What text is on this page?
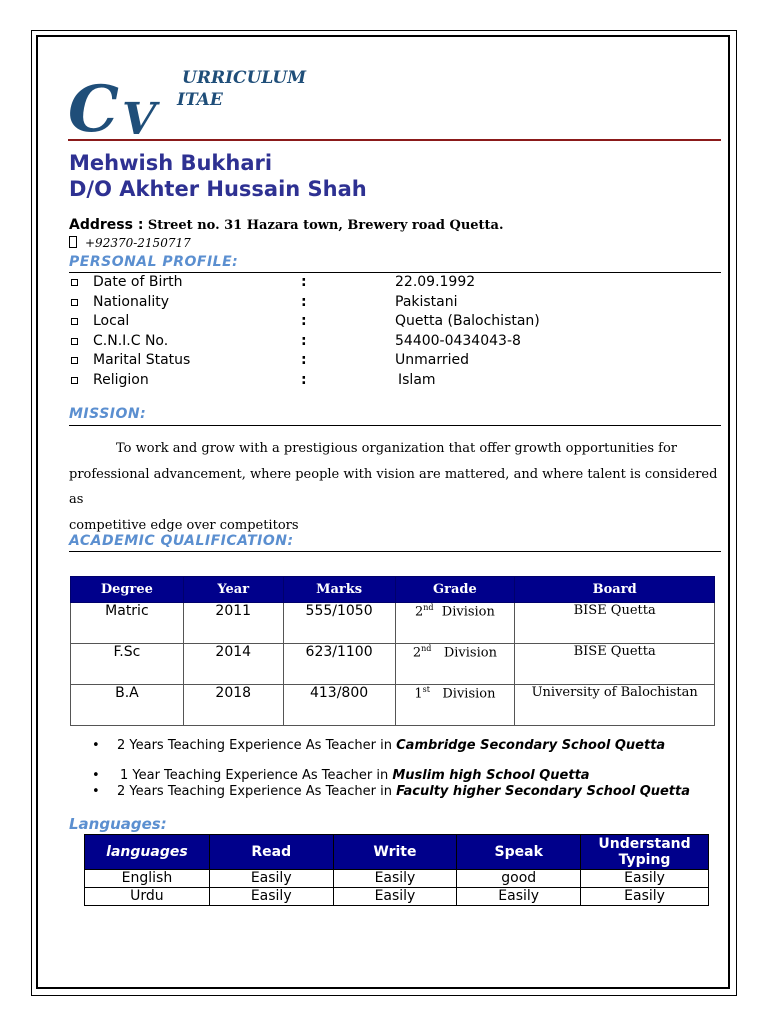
C V
URRICULUM
ITAE
Mehwish Bukhari
D/O Akhter Hussain Shah
Address : Street no. 31 Hazara town, Brewery road Quetta.
+92370-2150717
PERSONAL PROFILE:
Date of Birth	:	22.09.1992
Nationality	:	Pakistani
Local	:	Quetta (Balochistan)
C.N.I.C No.	:	54400-0434043-8
Marital Status	:	Unmarried
Religion	:	Islam
MISSION:
To work and grow with a prestigious organization that offer growth opportunities for
professional advancement, where people with vision are mattered, and where talent is considered as
competitive edge over competitors
ACADEMIC QUALIFICATION:
Degree	Year	Marks	Grade	Board
Matric	2011	555/1050	2nd Division	BISE Quetta
F.Sc	2014	623/1100	2nd Division	BISE Quetta
B.A	2018	413/800	1st Division	University of Balochistan
• 2 Years Teaching Experience As Teacher in Cambridge Secondary School Quetta
• 1 Year Teaching Experience As Teacher in Muslim high School Quetta
• 2 Years Teaching Experience As Teacher in Faculty higher Secondary School Quetta
Languages:
languages	Read	Write	Speak	Understand Typing
English	Easily	Easily	good	Easily
Urdu	Easily	Easily	Easily	Easily
